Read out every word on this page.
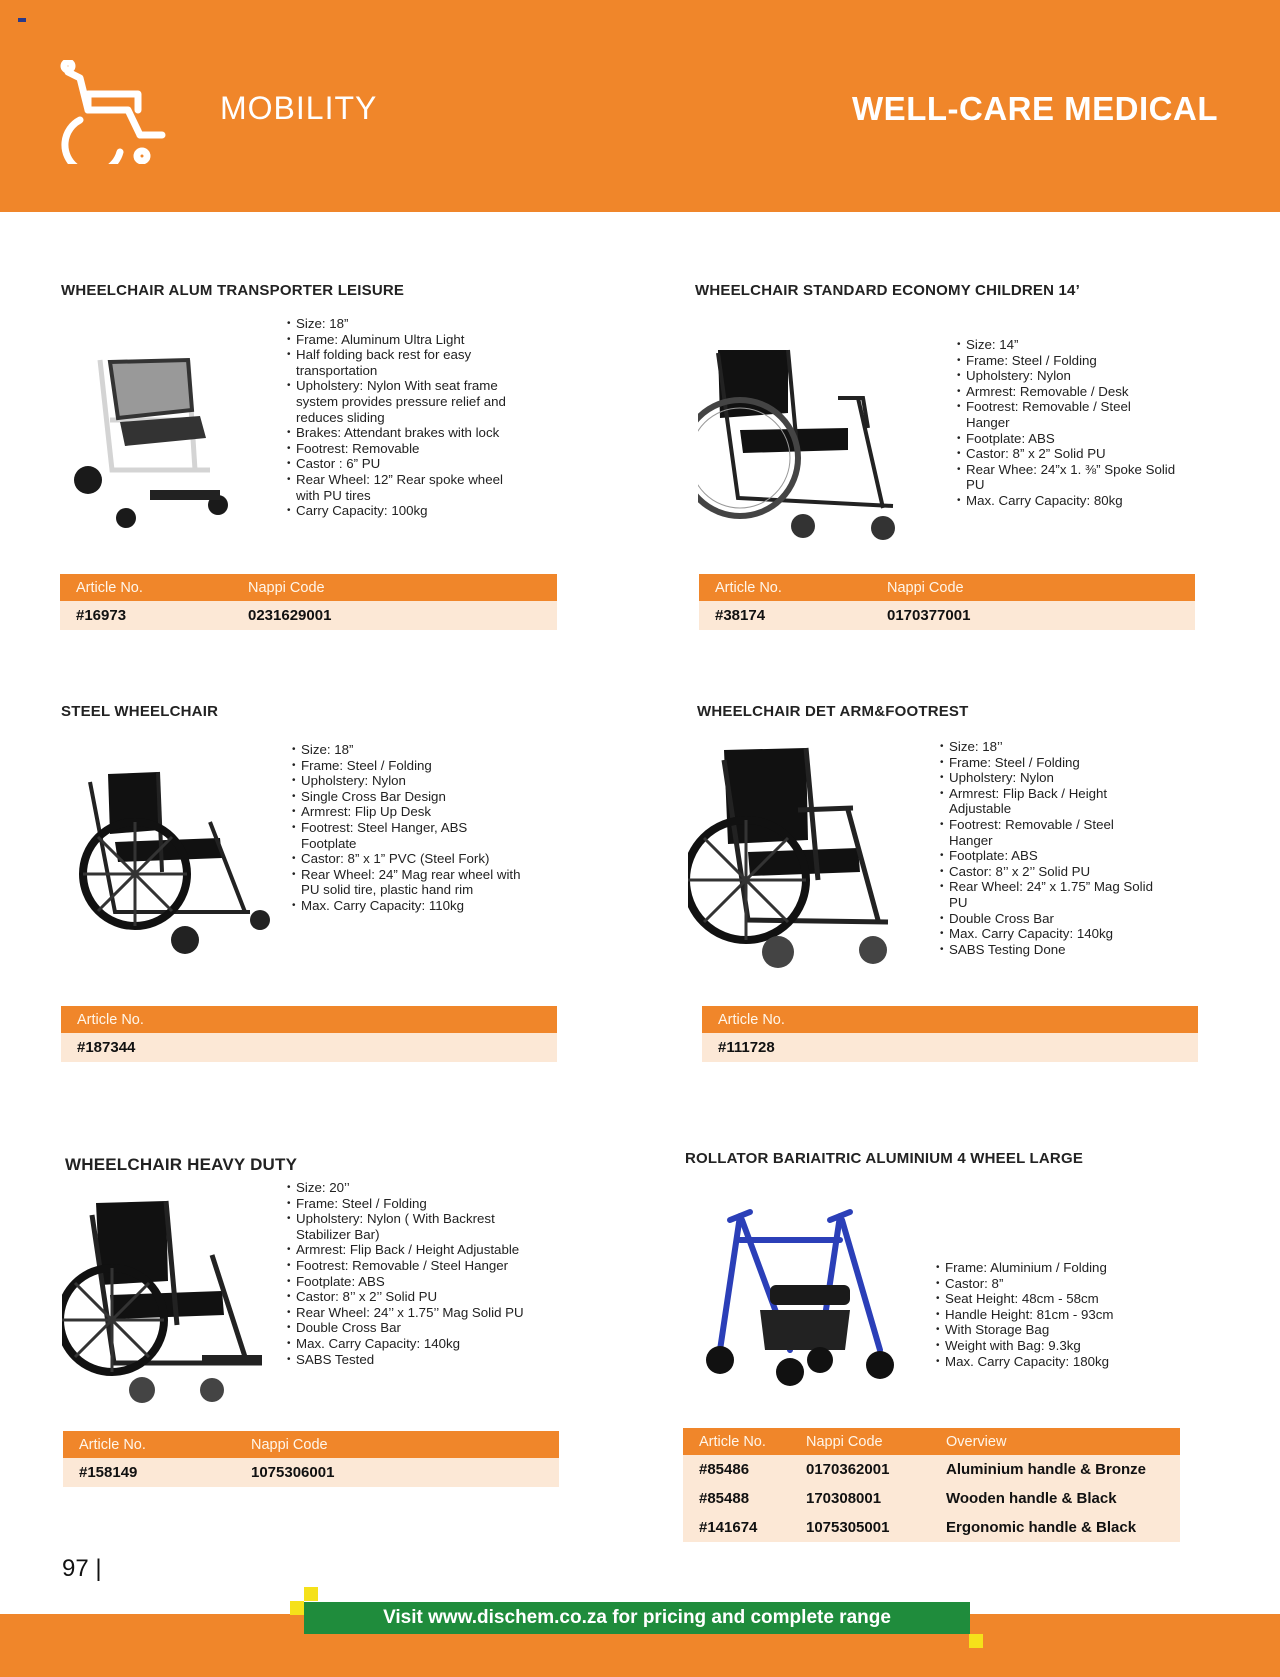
MOBILITY	WELL-CARE MEDICAL
WHEELCHAIR ALUM TRANSPORTER LEISURE
• Size: 18”
• Frame: Aluminum Ultra Light
• Half folding back rest for easy transportation
• Upholstery: Nylon With seat frame system provides pressure relief and reduces sliding
• Brakes: Attendant brakes with lock
• Footrest: Removable
• Castor : 6” PU
• Rear Wheel: 12” Rear spoke wheel with PU tires
• Carry Capacity: 100kg
Article No.	Nappi Code
#16973	0231629001
WHEELCHAIR STANDARD ECONOMY CHILDREN 14’
• Size: 14”
• Frame: Steel / Folding
• Upholstery: Nylon
• Armrest: Removable / Desk
• Footrest: Removable / Steel Hanger
• Footplate: ABS
• Castor: 8” x 2” Solid PU
• Rear Whee: 24”x 1. ⅜” Spoke Solid PU
• Max. Carry Capacity: 80kg
Article No.	Nappi Code
#38174	0170377001
STEEL WHEELCHAIR
• Size: 18”
• Frame: Steel / Folding
• Upholstery: Nylon
• Single Cross Bar Design
• Armrest: Flip Up Desk
• Footrest: Steel Hanger, ABS Footplate
• Castor: 8” x 1” PVC (Steel Fork)
• Rear Wheel: 24” Mag rear wheel with PU solid tire, plastic hand rim
• Max. Carry Capacity: 110kg
Article No.
#187344
WHEELCHAIR DET ARM&FOOTREST
• Size: 18’’
• Frame: Steel / Folding
• Upholstery: Nylon
• Armrest: Flip Back / Height Adjustable
• Footrest: Removable / Steel Hanger
• Footplate: ABS
• Castor: 8’’ x 2’’ Solid PU
• Rear Wheel: 24” x 1.75” Mag Solid PU
• Double Cross Bar
• Max. Carry Capacity: 140kg
• SABS Testing Done
Article No.
#111728
WHEELCHAIR HEAVY DUTY
• Size: 20’’
• Frame: Steel / Folding
• Upholstery: Nylon ( With Backrest Stabilizer Bar)
• Armrest: Flip Back / Height Adjustable
• Footrest: Removable / Steel Hanger
• Footplate: ABS
• Castor: 8’’ x 2’’ Solid PU
• Rear Wheel: 24’’ x 1.75’’ Mag Solid PU
• Double Cross Bar
• Max. Carry Capacity: 140kg
• SABS Tested
Article No.	Nappi Code
#158149	1075306001
ROLLATOR BARIAITRIC ALUMINIUM 4 WHEEL LARGE
• Frame: Aluminium / Folding
• Castor: 8”
• Seat Height: 48cm - 58cm
• Handle Height: 81cm - 93cm
• With Storage Bag
• Weight with Bag: 9.3kg
• Max. Carry Capacity: 180kg
Article No.	Nappi Code	Overview
#85486	0170362001	Aluminium handle & Bronze
#85488	170308001	Wooden handle & Black
#141674	1075305001	Ergonomic handle & Black
97 |
Visit www.dischem.co.za for pricing and complete range
